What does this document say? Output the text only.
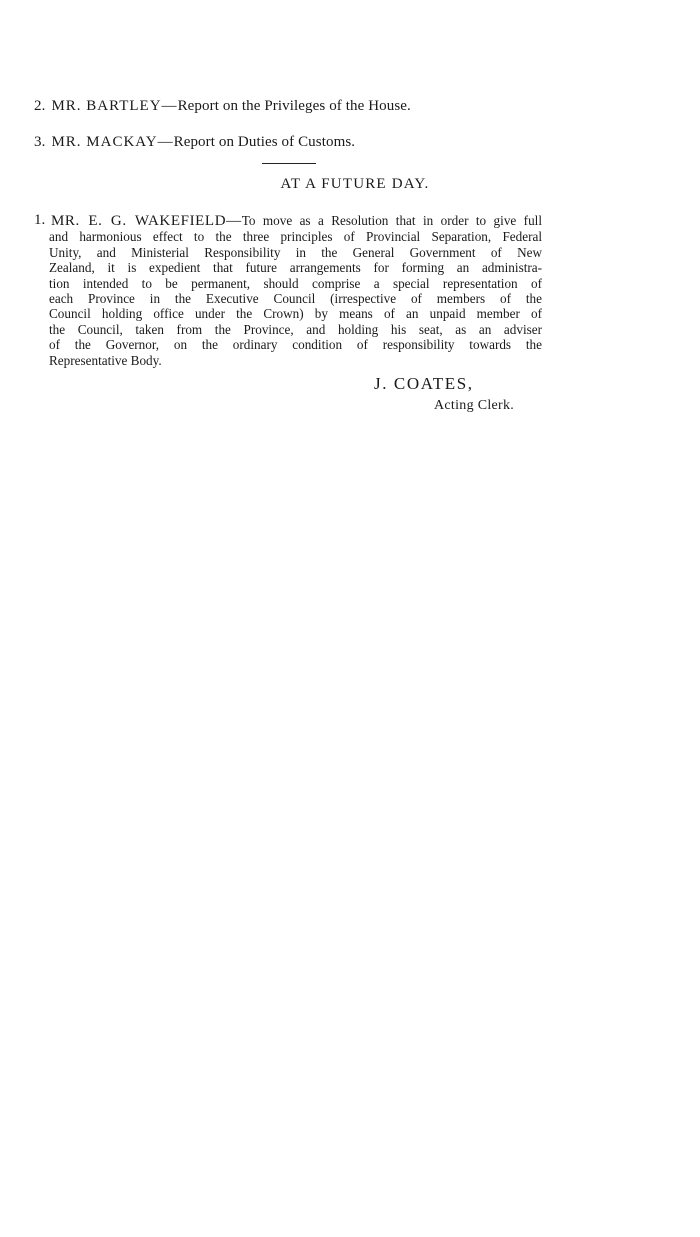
2. MR. BARTLEY—Report on the Privileges of the House.
3. MR. MACKAY—Report on Duties of Customs.
AT A FUTURE DAY.
1. MR. E. G. WAKEFIELD—To move as a Resolution that in order to give full
and harmonious effect to the three principles of Provincial Separation, Federal
Unity, and Ministerial Responsibility in the General Government of New
Zealand, it is expedient that future arrangements for forming an administra-
tion intended to be permanent, should comprise a special representation of
each Province in the Executive Council (irrespective of members of the
Council holding office under the Crown) by means of an unpaid member of
the Council, taken from the Province, and holding his seat, as an adviser
of the Governor, on the ordinary condition of responsibility towards the
Representative Body.
J. COATES,
Acting Clerk.
